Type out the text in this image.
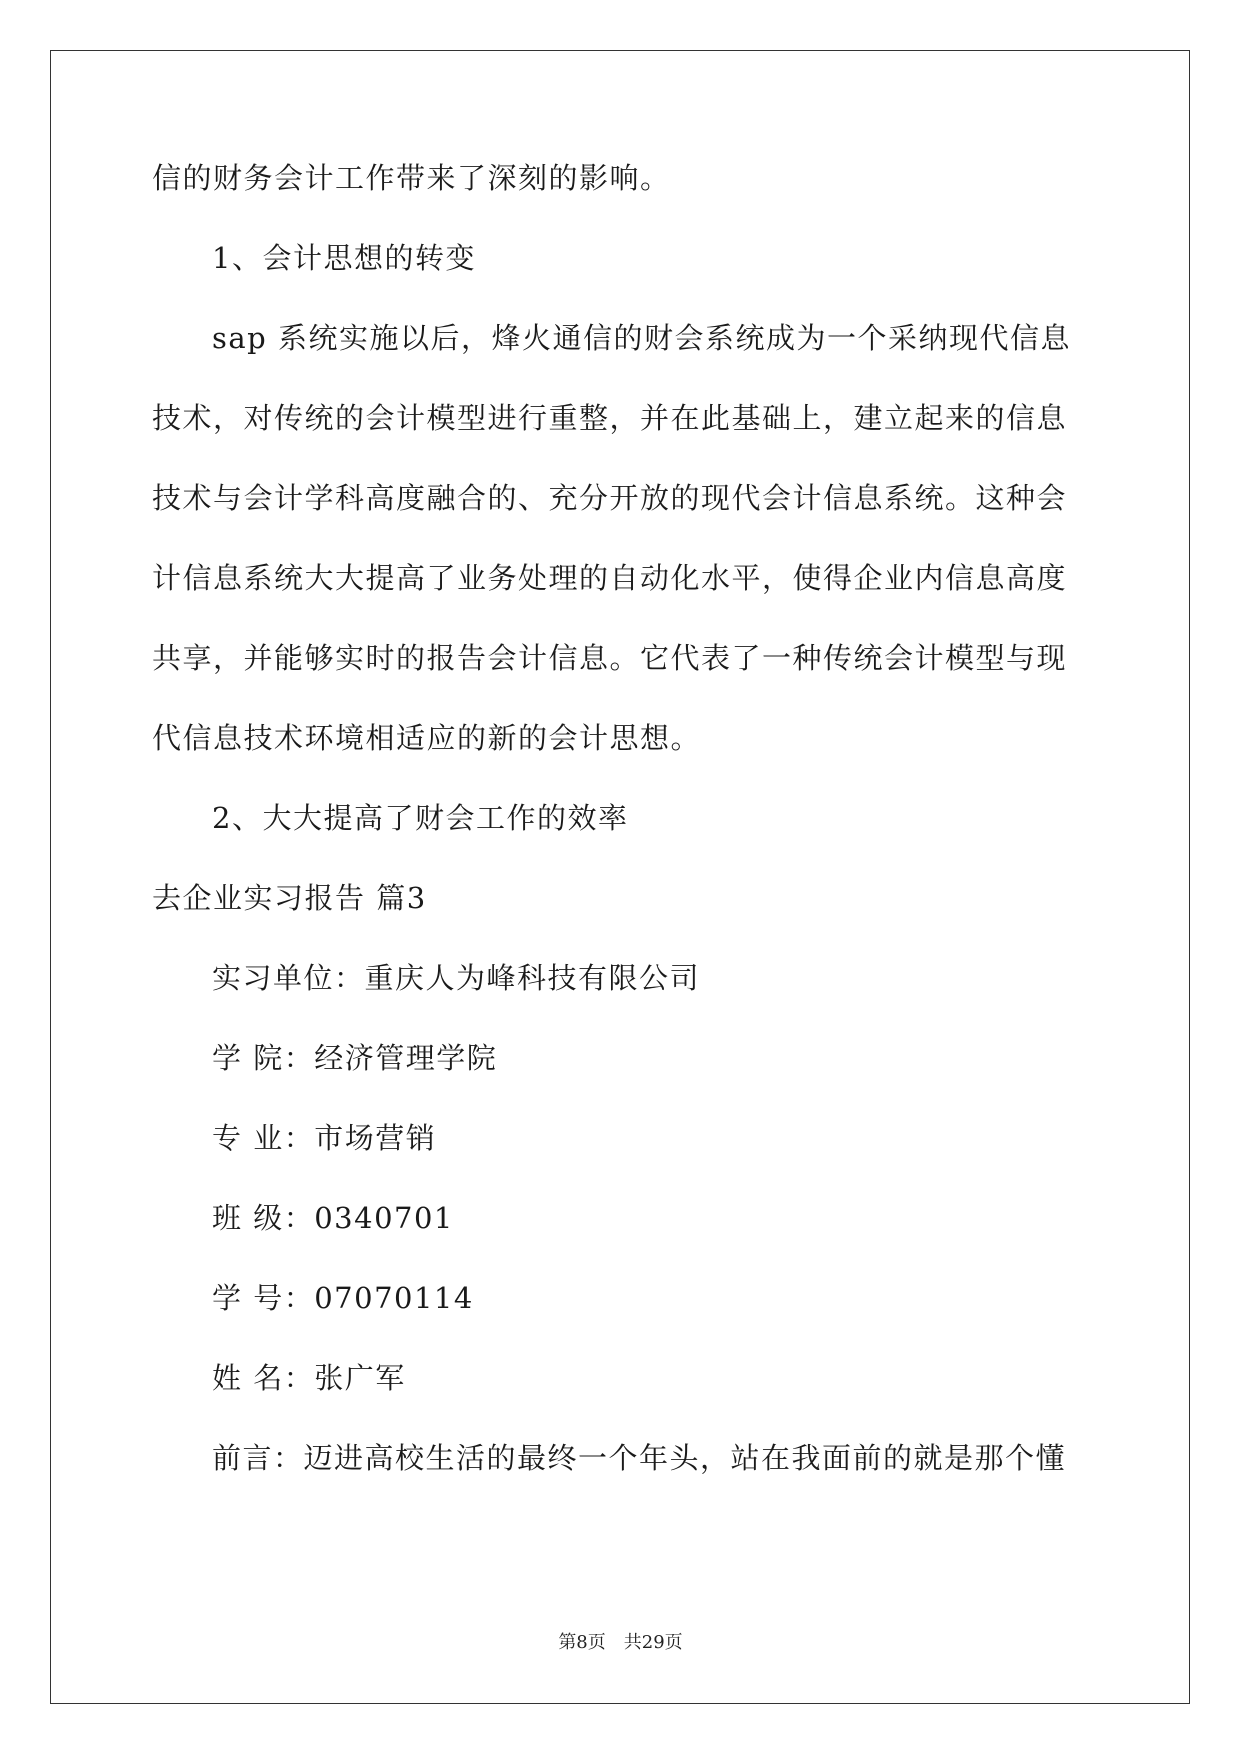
信的财务会计工作带来了深刻的影响。
1、会计思想的转变
sap 系统实施以后，烽火通信的财会系统成为一个采纳现代信息
技术，对传统的会计模型进行重整，并在此基础上，建立起来的信息
技术与会计学科高度融合的、充分开放的现代会计信息系统。这种会
计信息系统大大提高了业务处理的自动化水平，使得企业内信息高度
共享，并能够实时的报告会计信息。它代表了一种传统会计模型与现
代信息技术环境相适应的新的会计思想。
2、大大提高了财会工作的效率
去企业实习报告 篇3
实习单位：重庆人为峰科技有限公司
学 院：经济管理学院
专 业：市场营销
班 级：0340701
学 号：07070114
姓 名：张广军
前言：迈进高校生活的最终一个年头，站在我面前的就是那个懂
第8页 共29页
